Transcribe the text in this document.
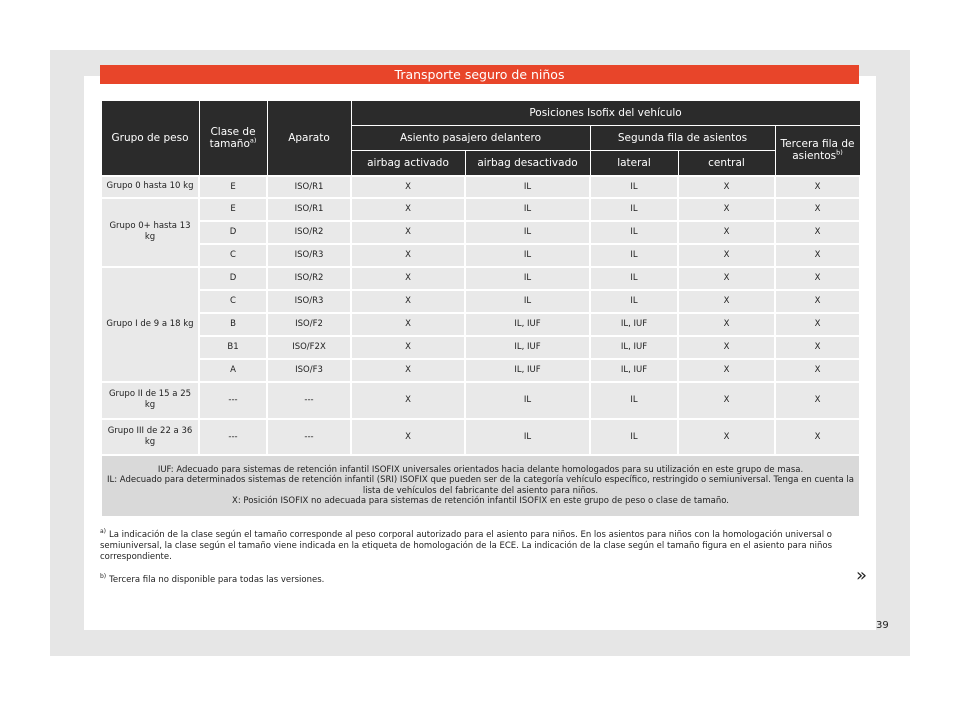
Transporte seguro de niños
Grupo de peso	Clase de tamaño$^{a)}$	Aparato	Posiciones Isofix del vehículo				
			Asiento pasajero delantero		Segunda fila de asientos		Tercera fila de asientos$^{b)}$
			airbag activado	airbag desactivado	lateral	central	
Grupo 0 hasta 10 kg	E	ISO/R1	X	IL	IL	X	X
Grupo 0+ hasta 13 kg	E	ISO/R1	X	IL	IL	X	X
	D	ISO/R2	X	IL	IL	X	X
	C	ISO/R3	X	IL	IL	X	X
Grupo I de 9 a 18 kg	D	ISO/R2	X	IL	IL	X	X
	C	ISO/R3	X	IL	IL	X	X
	B	ISO/F2	X	IL, IUF	IL, IUF	X	X
	B1	ISO/F2X	X	IL, IUF	IL, IUF	X	X
	A	ISO/F3	X	IL, IUF	IL, IUF	X	X
Grupo II de 15 a 25 kg	---	---	X	IL	IL	X	X
Grupo III de 22 a 36 kg	---	---	X	IL	IL	X	X

IUF: Adecuado para sistemas de retención infantil ISOFIX universales orientados hacia delante homologados para su utilización en este grupo de masa.

IL: Adecuado para determinados sistemas de retención infantil (SRI) ISOFIX que pueden ser de la categoría vehículo específico, restringido o semiuniversal. Tenga en cuenta la lista de vehículos del fabricante del asiento para niños.

X: Posición ISOFIX no adecuada para sistemas de retención infantil ISOFIX en este grupo de peso o clase de tamaño.							

$^{a)}$ La indicación de la clase según el tamaño corresponde al peso corporal autorizado para el asiento para niños. En los asientos para niños con la homologación universal o semiuniversal, la clase según el tamaño viene indicada en la etiqueta de homologación de la ECE. La indicación de la clase según el tamaño figura en el asiento para niños correspondiente.
$^{b)}$ Tercera fila no disponible para todas las versiones.	»
39
